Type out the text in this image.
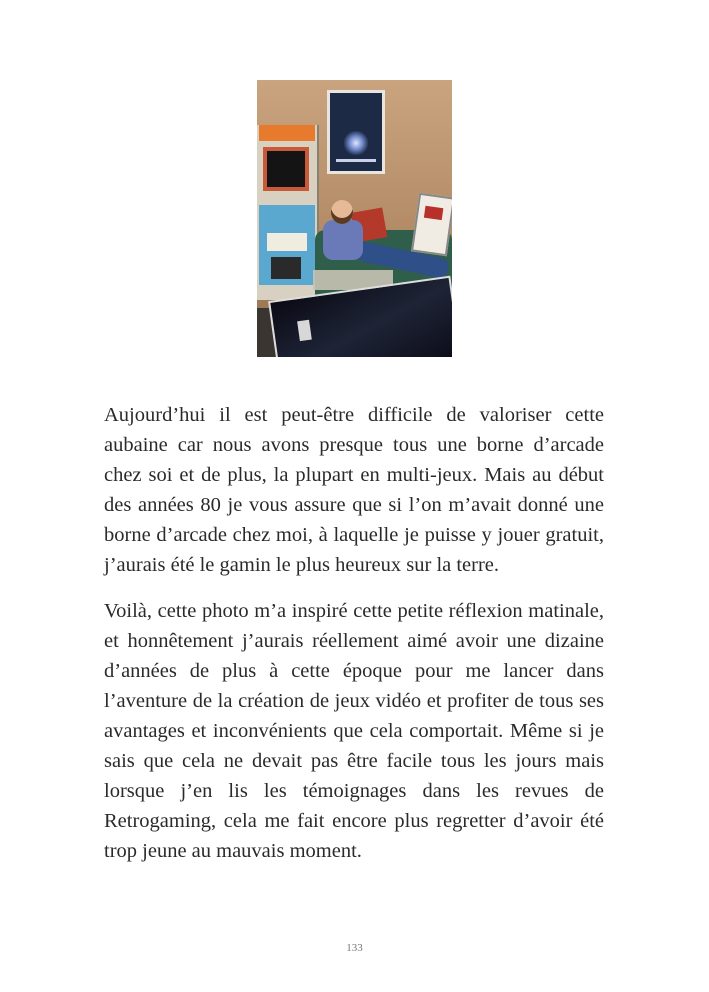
Aujourd’hui il est peut-être difficile de valoriser cette aubaine car nous avons presque tous une borne d’arcade chez soi et de plus, la plupart en multi-jeux. Mais au début des années 80 je vous assure que si l’on m’avait donné une borne d’arcade chez moi, à laquelle je puisse y jouer gratuit, j’aurais été le gamin le plus heureux sur la terre.

Voilà, cette photo m’a inspiré cette petite réflexion matinale, et honnêtement j’aurais réellement aimé avoir une dizaine d’années de plus à cette époque pour me lancer dans l’aventure de la création de jeux vidéo et profiter de tous ses avantages et inconvénients que cela comportait. Même si je sais que cela ne devait pas être facile tous les jours mais lorsque j’en lis les témoignages dans les revues de Retrogaming, cela me fait encore plus regretter d’avoir été trop jeune au mauvais moment.

133
